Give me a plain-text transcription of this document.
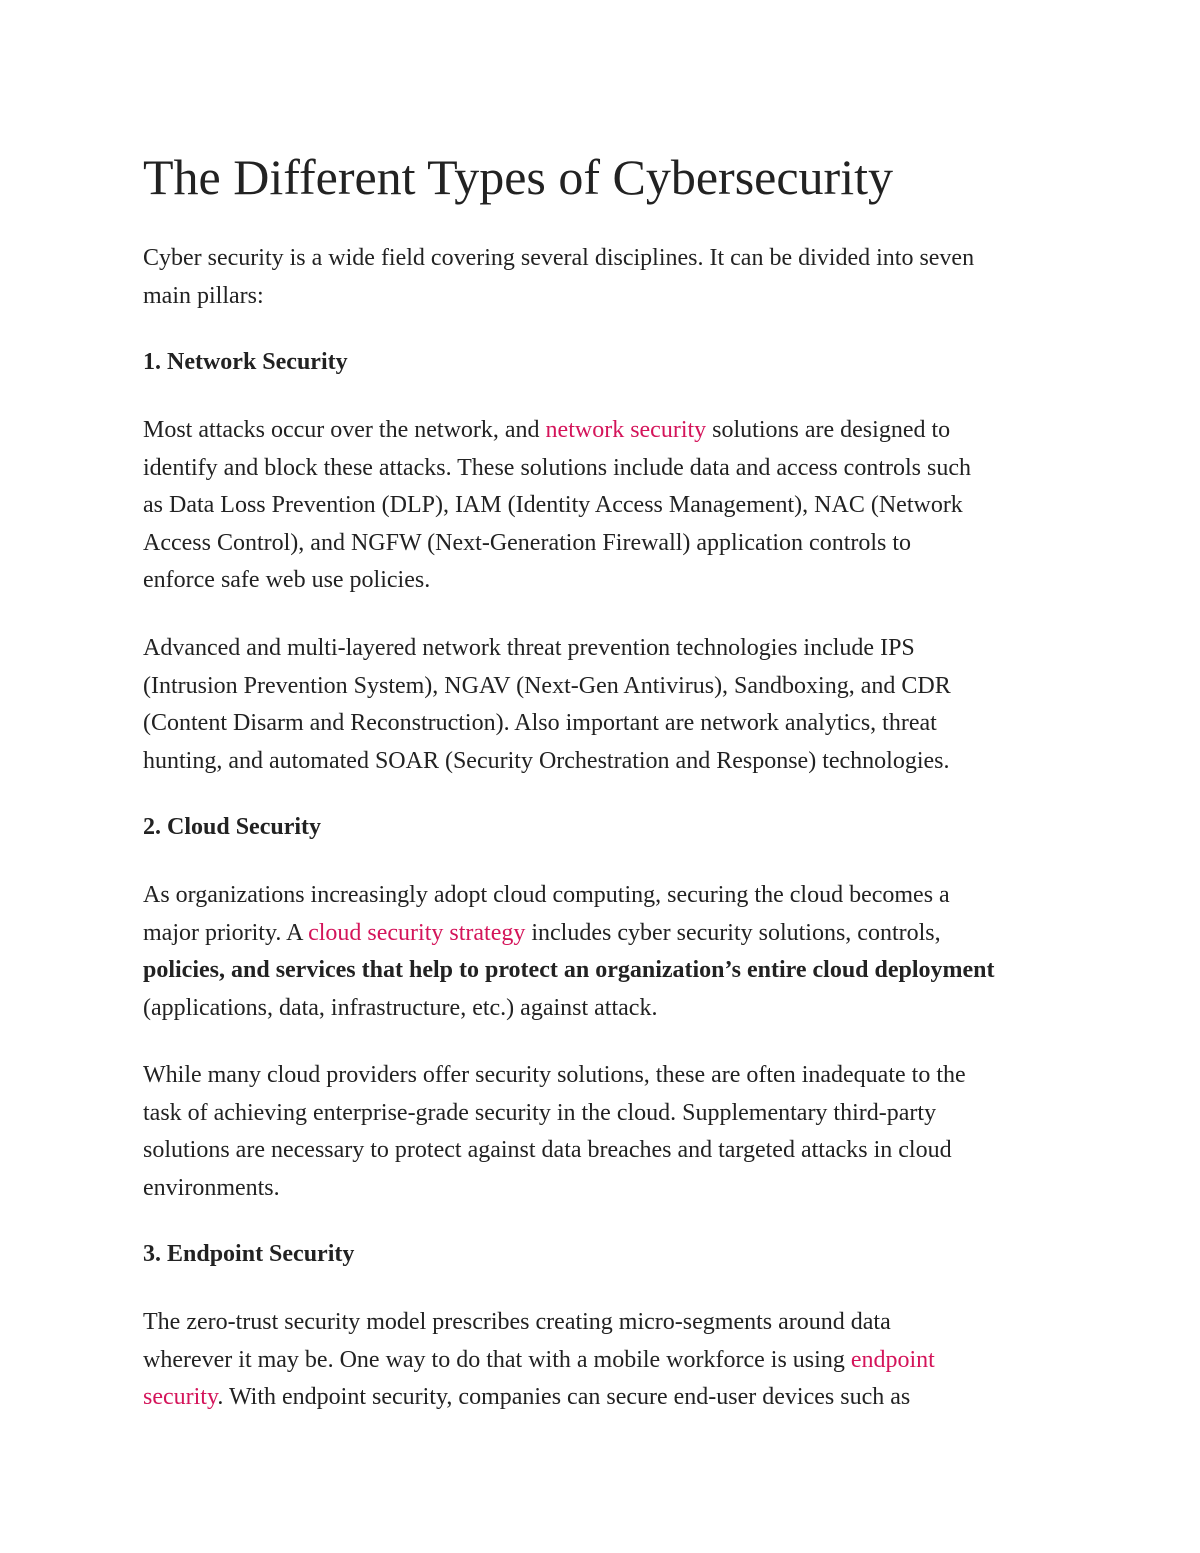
The Different Types of Cybersecurity

Cyber security is a wide field covering several disciplines. It can be divided into seven
main pillars:

1. Network Security

Most attacks occur over the network, and network security solutions are designed to
identify and block these attacks. These solutions include data and access controls such
as Data Loss Prevention (DLP), IAM (Identity Access Management), NAC (Network
Access Control), and NGFW (Next-Generation Firewall) application controls to
enforce safe web use policies.

Advanced and multi-layered network threat prevention technologies include IPS
(Intrusion Prevention System), NGAV (Next-Gen Antivirus), Sandboxing, and CDR
(Content Disarm and Reconstruction). Also important are network analytics, threat
hunting, and automated SOAR (Security Orchestration and Response) technologies.

2. Cloud Security

As organizations increasingly adopt cloud computing, securing the cloud becomes a
major priority. A cloud security strategy includes cyber security solutions, controls,
policies, and services that help to protect an organization’s entire cloud deployment
(applications, data, infrastructure, etc.) against attack.

While many cloud providers offer security solutions, these are often inadequate to the
task of achieving enterprise-grade security in the cloud. Supplementary third-party
solutions are necessary to protect against data breaches and targeted attacks in cloud
environments.

3. Endpoint Security

The zero-trust security model prescribes creating micro-segments around data
wherever it may be. One way to do that with a mobile workforce is using endpoint
security. With endpoint security, companies can secure end-user devices such as
